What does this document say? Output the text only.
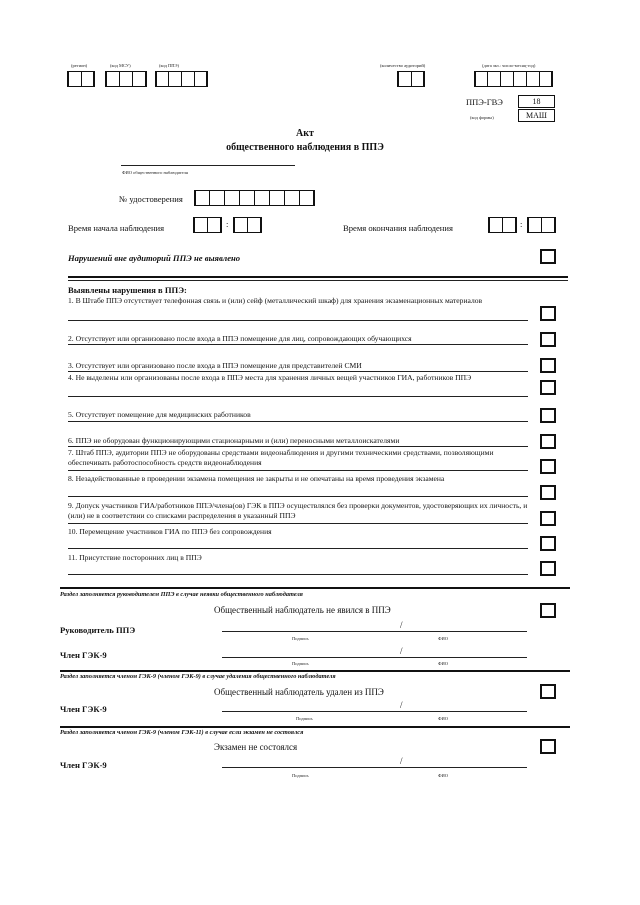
(регион)	(код МСУ)	(код ППЭ)	(количество аудиторий)	(дата экз.: число-месяц-год)
ППЭ-ГВЭ	18
(код формы)	МАШ
Акт
общественного наблюдения в ППЭ
ФИО общественного наблюдателя
№ удостоверения
Время начала наблюдения	:	Время окончания наблюдения	:
Нарушений вне аудиторий ППЭ не выявлено
Выявлены нарушения в ППЭ:
1. В Штабе ППЭ отсутствует телефонная связь и (или) сейф (металлический шкаф) для хранения экзаменационных материалов
2. Отсутствует или организовано после входа в ППЭ помещение для лиц, сопровождающих обучающихся
3. Отсутствует или организовано после входа в ППЭ помещение для представителей СМИ
4. Не выделены или организованы после входа в ППЭ места для хранения личных вещей участников ГИА, работников ППЭ
5. Отсутствует помещение для медицинских работников
6. ППЭ не оборудован функционирующими стационарными и (или) переносными металлоискателями
7. Штаб ППЭ, аудитории ППЭ не оборудованы средствами видеонаблюдения и другими техническими средствами, позволяющими обеспечивать работоспособность средств видеонаблюдения
8. Незадействованные в проведении экзамена помещения не закрыты и не опечатаны на время проведения экзамена
9. Допуск участников ГИА/работников ППЭ/члена(ов) ГЭК в ППЭ осуществлялся без проверки документов, удостоверяющих их личность, и (или) не в соответствии со списками распределения в указанный ППЭ
10. Перемещение участников ГИА по ППЭ без сопровождения
11. Присутствие посторонних лиц в ППЭ
Раздел заполняется руководителем ППЭ в случае неявки общественного наблюдателя
Общественный наблюдатель не явился в ППЭ
Руководитель ППЭ	/
Подпись	ФИО
Член ГЭК-9	/
Подпись	ФИО
Раздел заполняется членом ГЭК-9 (членом ГЭК-9) в случае удаления общественного наблюдателя
Общественный наблюдатель удален из ППЭ
Член ГЭК-9	/
Подпись	ФИО
Раздел заполняется членом ГЭК-9 (членом ГЭК-11) в случае если экзамен не состоялся
Экзамен не состоялся
Член ГЭК-9	/
Подпись	ФИО
